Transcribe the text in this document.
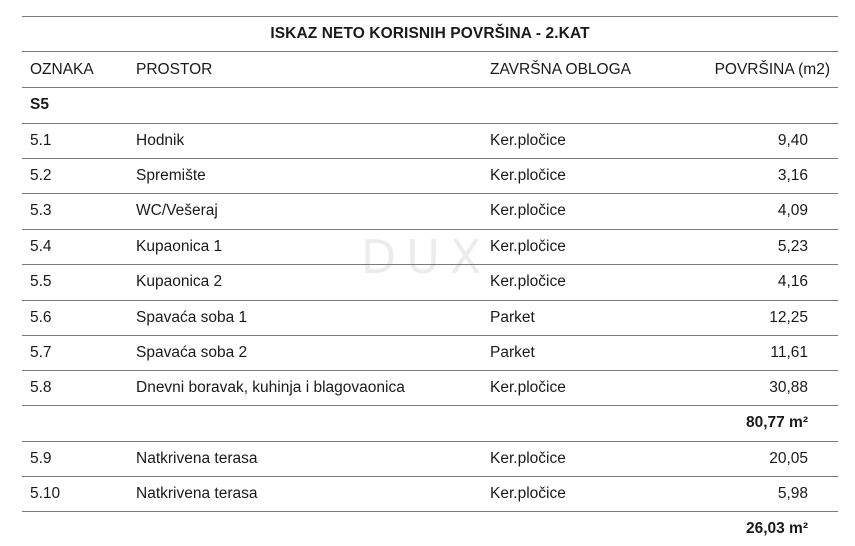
DUX
ISKAZ NETO KORISNIH POVRŠINA - 2.KAT
OZNAKA	PROSTOR	ZAVRŠNA OBLOGA	POVRŠINA (m2)
S5
5.1	Hodnik	Ker.pločice	9,40
5.2	Spremište	Ker.pločice	3,16
5.3	WC/Vešeraj	Ker.pločice	4,09
5.4	Kupaonica 1	Ker.pločice	5,23
5.5	Kupaonica 2	Ker.pločice	4,16
5.6	Spavaća soba 1	Parket	12,25
5.7	Spavaća soba 2	Parket	11,61
5.8	Dnevni boravak, kuhinja i blagovaonica	Ker.pločice	30,88
80,77 m²
5.9	Natkrivena terasa	Ker.pločice	20,05
5.10	Natkrivena terasa	Ker.pločice	5,98
26,03 m²
